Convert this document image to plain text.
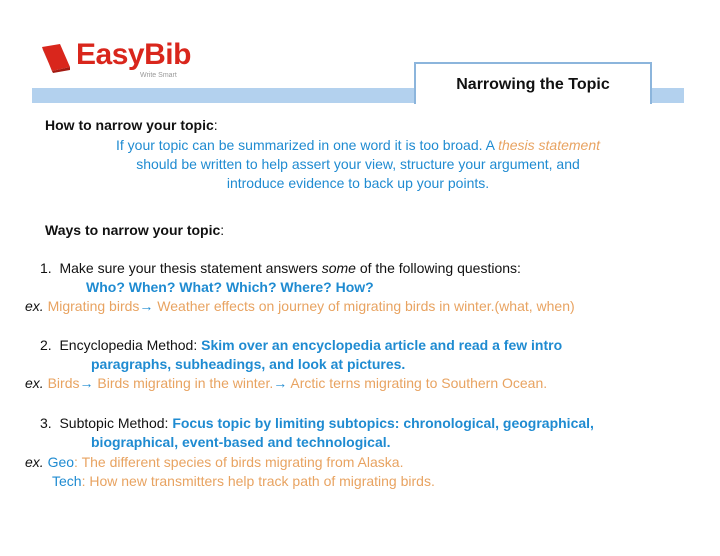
EasyBib
Write Smart
Narrowing the Topic
How to narrow your topic:
If your topic can be summarized in one word it is too broad. A thesis statement
should be written to help assert your view, structure your argument, and
introduce evidence to back up your points.
Ways to narrow your topic:
1. Make sure your thesis statement answers some of the following questions:
Who? When? What? Which? Where? How?
ex. Migrating birds→ Weather effects on journey of migrating birds in winter.(what, when)
2. Encyclopedia Method: Skim over an encyclopedia article and read a few intro
paragraphs, subheadings, and look at pictures.
ex. Birds→ Birds migrating in the winter.→ Arctic terns migrating to Southern Ocean.
3. Subtopic Method: Focus topic by limiting subtopics: chronological, geographical,
biographical, event-based and technological.
ex. Geo: The different species of birds migrating from Alaska.
Tech: How new transmitters help track path of migrating birds.
